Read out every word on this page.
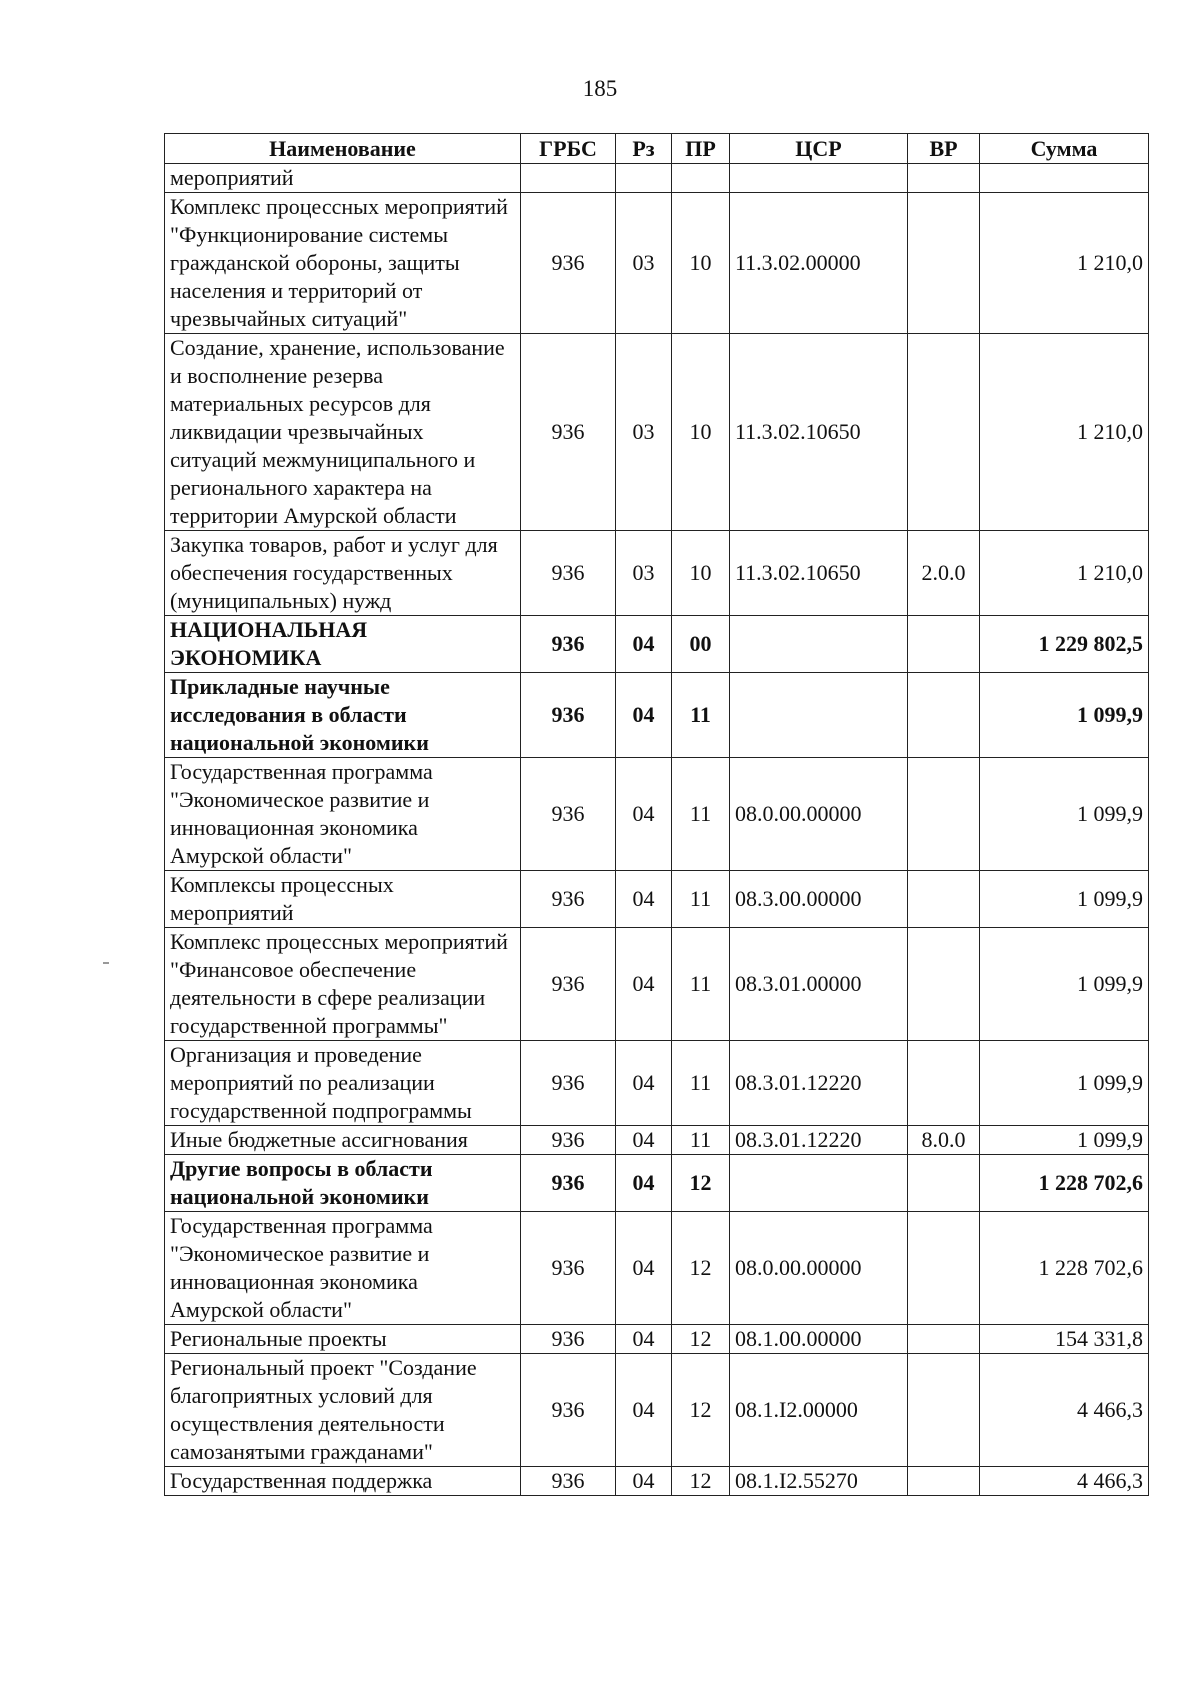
185
Наименование	ГРБС	Рз	ПР	ЦСР	ВР	Сумма
мероприятий						
Комплекс процессных мероприятий "Функционирование системы гражданской обороны, защиты населения и территорий от чрезвычайных ситуаций"	936	03	10	11.3.02.00000		1 210,0
Создание, хранение, использование и восполнение резерва материальных ресурсов для ликвидации чрезвычайных ситуаций межмуниципального и регионального характера на территории Амурской области	936	03	10	11.3.02.10650		1 210,0
Закупка товаров, работ и услуг для обеспечения государственных (муниципальных) нужд	936	03	10	11.3.02.10650	2.0.0	1 210,0
НАЦИОНАЛЬНАЯ ЭКОНОМИКА	936	04	00			1 229 802,5
Прикладные научные исследования в области национальной экономики	936	04	11			1 099,9
Государственная программа "Экономическое развитие и инновационная экономика Амурской области"	936	04	11	08.0.00.00000		1 099,9
Комплексы процессных мероприятий	936	04	11	08.3.00.00000		1 099,9
Комплекс процессных мероприятий "Финансовое обеспечение деятельности в сфере реализации государственной программы"	936	04	11	08.3.01.00000		1 099,9
Организация и проведение мероприятий по реализации государственной подпрограммы	936	04	11	08.3.01.12220		1 099,9
Иные бюджетные ассигнования	936	04	11	08.3.01.12220	8.0.0	1 099,9
Другие вопросы в области национальной экономики	936	04	12			1 228 702,6
Государственная программа "Экономическое развитие и инновационная экономика Амурской области"	936	04	12	08.0.00.00000		1 228 702,6
Региональные проекты	936	04	12	08.1.00.00000		154 331,8
Региональный проект "Создание благоприятных условий для осуществления деятельности самозанятыми гражданами"	936	04	12	08.1.I2.00000		4 466,3
Государственная поддержка	936	04	12	08.1.I2.55270		4 466,3
